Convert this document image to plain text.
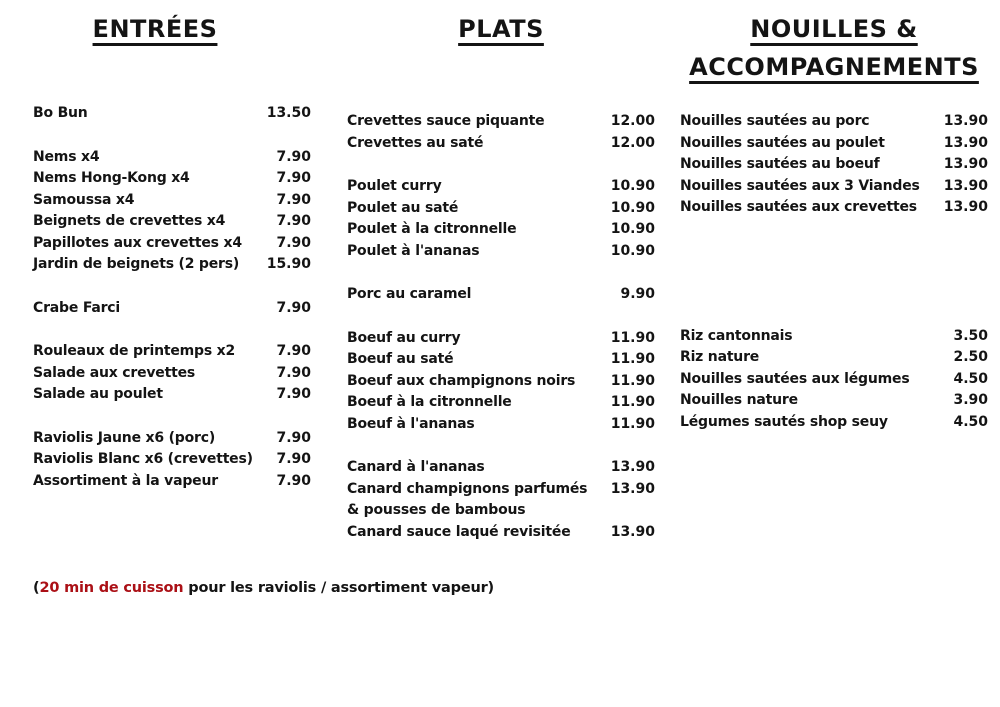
ENTRÉES
Bo Bun	13.50
Nems x4	7.90
Nems Hong-Kong x4	7.90
Samoussa x4	7.90
Beignets de crevettes x4	7.90
Papillotes aux crevettes x4 7.90
Jardin de beignets (2 pers) 15.90
Crabe Farci	7.90
Rouleaux de printemps x2	7.90
Salade aux crevettes	7.90
Salade au poulet	7.90
Raviolis Jaune x6 (porc)	7.90
Raviolis Blanc x6 (crevettes) 7.90
Assortiment à la vapeur	7.90
PLATS
Crevettes sauce piquante	12.00
Crevettes au saté	12.00
Poulet curry	10.90
Poulet au saté	10.90
Poulet à la citronnelle	10.90
Poulet à l'ananas	10.90
Porc au caramel	9.90
Boeuf au curry	11.90
Boeuf au saté	11.90
Boeuf aux champignons noirs	11.90
Boeuf à la citronnelle	11.90
Boeuf à l'ananas	11.90
Canard à l'ananas	13.90
Canard champignons parfumés 13.90
& pousses de bambous
Canard sauce laqué revisitée	13.90
NOUILLES &
ACCOMPAGNEMENTS
Nouilles sautées au porc	13.90
Nouilles sautées au poulet	13.90
Nouilles sautées au boeuf	13.90
Nouilles sautées aux 3 Viandes 13.90
Nouilles sautées aux crevettes 13.90
Riz cantonnais	3.50
Riz nature	2.50
Nouilles sautées aux légumes	4.50
Nouilles nature	3.90
Légumes sautés shop seuy	4.50

(20 min de cuisson pour les raviolis / assortiment vapeur)
